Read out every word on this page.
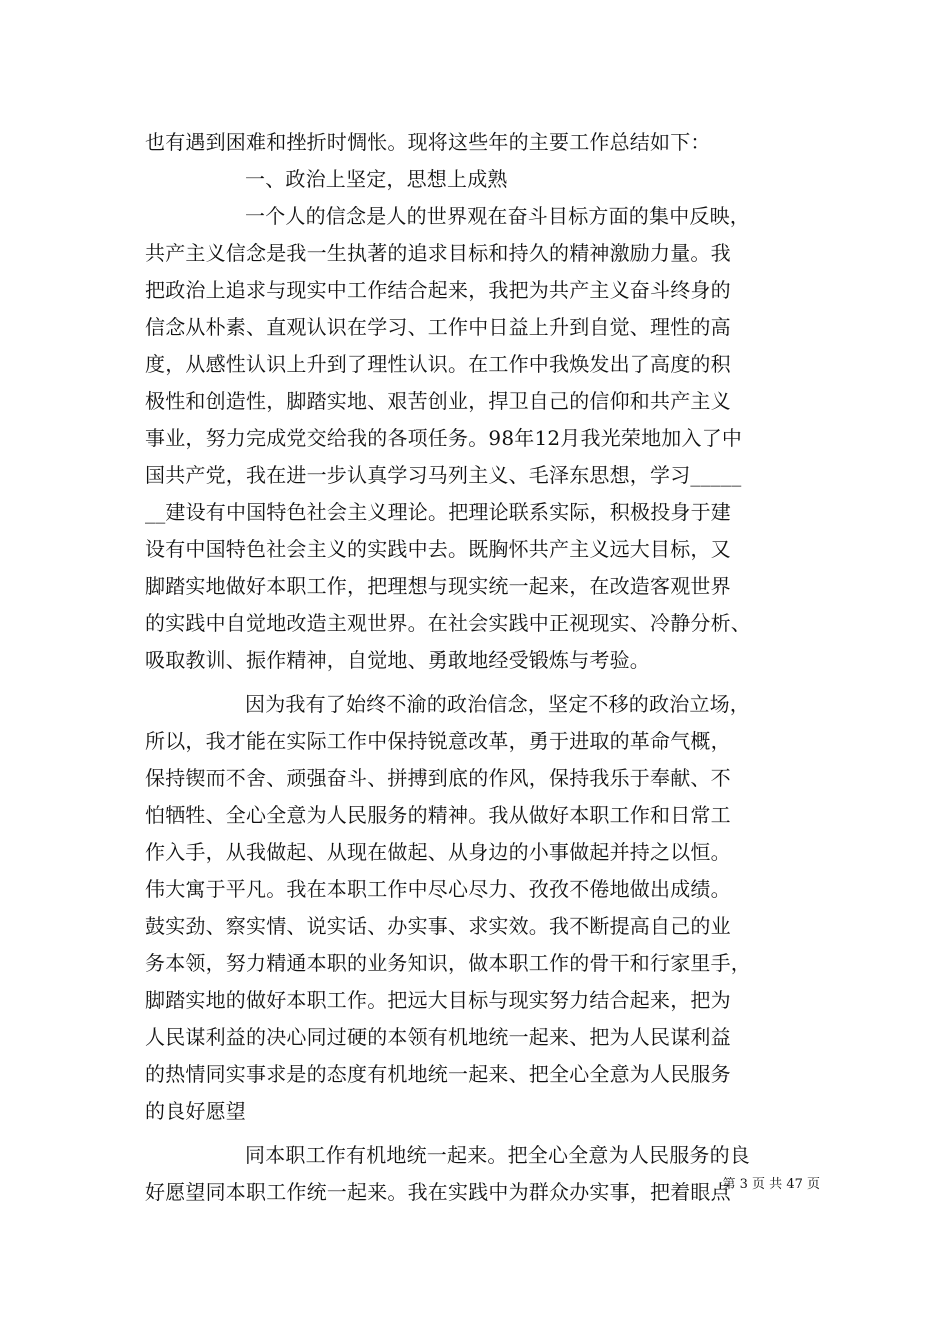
也有遇到困难和挫折时惆怅。现将这些年的主要工作总结如下：
一、政治上坚定，思想上成熟
一个人的信念是人的世界观在奋斗目标方面的集中反映，
共产主义信念是我一生执著的追求目标和持久的精神激励力量。我
把政治上追求与现实中工作结合起来，我把为共产主义奋斗终身的
信念从朴素、直观认识在学习、工作中日益上升到自觉、理性的高
度，从感性认识上升到了理性认识。在工作中我焕发出了高度的积
极性和创造性，脚踏实地、艰苦创业，捍卫自己的信仰和共产主义
事业，努力完成党交给我的各项任务。98年12月我光荣地加入了中
国共产党，我在进一步认真学习马列主义、毛泽东思想，学习_____
__建设有中国特色社会主义理论。把理论联系实际，积极投身于建
设有中国特色社会主义的实践中去。既胸怀共产主义远大目标，又
脚踏实地做好本职工作，把理想与现实统一起来，在改造客观世界
的实践中自觉地改造主观世界。在社会实践中正视现实、冷静分析、
吸取教训、振作精神，自觉地、勇敢地经受锻炼与考验。
因为我有了始终不渝的政治信念，坚定不移的政治立场，
所以，我才能在实际工作中保持锐意改革，勇于进取的革命气概，
保持锲而不舍、顽强奋斗、拼搏到底的作风，保持我乐于奉献、不
怕牺牲、全心全意为人民服务的精神。我从做好本职工作和日常工
作入手，从我做起、从现在做起、从身边的小事做起并持之以恒。
伟大寓于平凡。我在本职工作中尽心尽力、孜孜不倦地做出成绩。
鼓实劲、察实情、说实话、办实事、求实效。我不断提高自己的业
务本领，努力精通本职的业务知识，做本职工作的骨干和行家里手，
脚踏实地的做好本职工作。把远大目标与现实努力结合起来，把为
人民谋利益的决心同过硬的本领有机地统一起来、把为人民谋利益
的热情同实事求是的态度有机地统一起来、把全心全意为人民服务
的良好愿望
同本职工作有机地统一起来。把全心全意为人民服务的良
好愿望同本职工作统一起来。我在实践中为群众办实事，把着眼点
第 3 页 共 47 页
